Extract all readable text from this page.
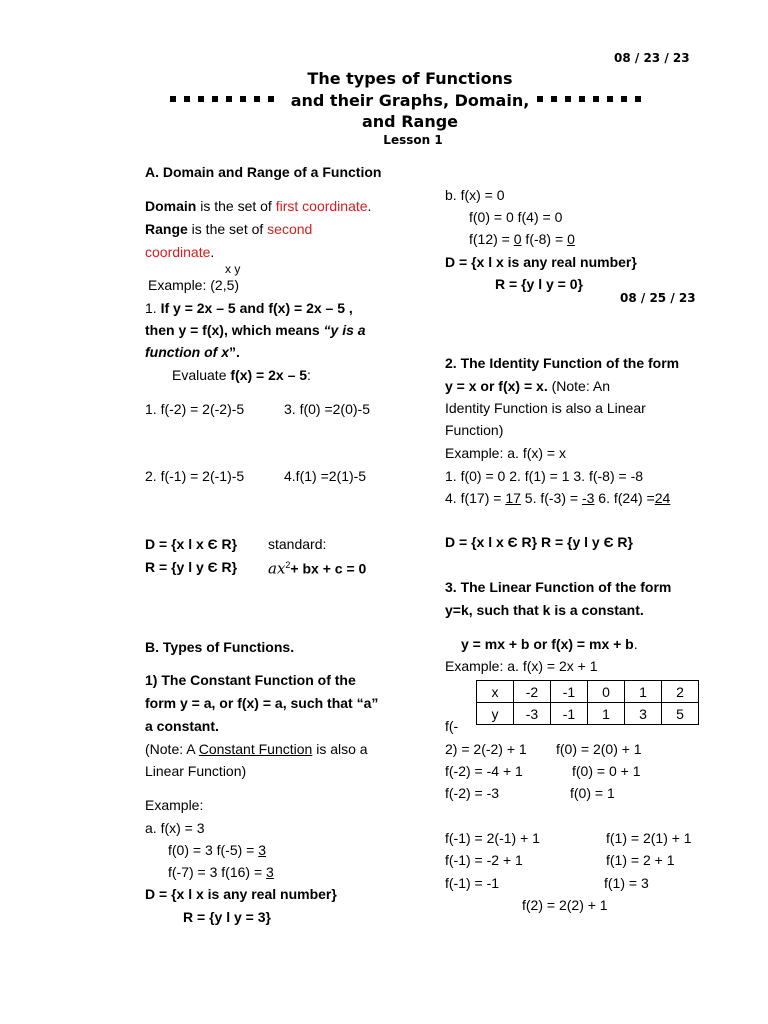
08 / 23 / 23
The types of Functions
and their Graphs, Domain,
and Range
Lesson 1
A. Domain and Range of a Function
Domain is the set of first coordinate.
Range is the set of second
coordinate.
x y
Example: (2,5)
1. If y = 2x – 5 and f(x) = 2x – 5 ,
then y = f(x), which means “y is a
function of x”.
Evaluate f(x) = 2x – 5:
1. f(-2) = 2(-2)-5	3. f(0) =2(0)-5
2. f(-1) = 2(-1)-5	4.f(1) =2(1)-5
D = {x l x Є R} standard:
R = {y l y Є R} $ax^2+$ bx + c = 0
B. Types of Functions.
1) The Constant Function of the
form y = a, or f(x) = a, such that “a”
a constant.
(Note: A Constant Function is also a
Linear Function)
Example:
a. f(x) = 3
f(0) = 3 f(-5) = 3
f(-7) = 3 f(16) = 3
D = {x l x is any real number}
R = {y l y = 3}
b. f(x) = 0
f(0) = 0 f(4) = 0
f(12) = 0 f(-8) = 0
D = {x l x is any real number}
R = {y l y = 0}
08 / 25 / 23
2. The Identity Function of the form
y = x or f(x) = x. (Note: An
Identity Function is also a Linear
Function)
Example: a. f(x) = x
1. f(0) = 0 2. f(1) = 1 3. f(-8) = -8
4. f(17) = 17 5. f(-3) = -3 6. f(24) =24
D = {x l x Є R} R = {y l y Є R}
3. The Linear Function of the form
y=k, such that k is a constant.
y = mx + b or f(x) = mx + b.
Example: a. f(x) = 2x + 1
x	-2	-1	0	1	2
y	-3	-1	1	3	5
f(-
2) = 2(-2) + 1
f(-2) = -4 + 1
f(-2) = -3
f(0) = 2(0) + 1
f(0) = 0 + 1
f(0) = 1
f(-1) = 2(-1) + 1
f(-1) = -2 + 1
f(-1) = -1
f(1) = 2(1) + 1
f(1) = 2 + 1
f(1) = 3
f(2) = 2(2) + 1
